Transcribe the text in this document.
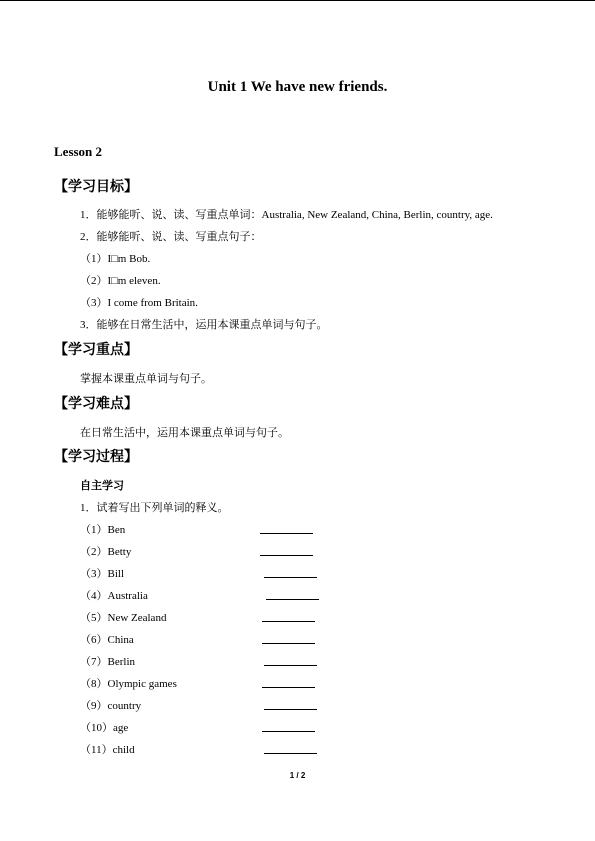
Unit 1 We have new friends.
Lesson 2
【学习目标】
1．能够能听、说、读、写重点单词：Australia, New Zealand, China, Berlin, country, age.
2．能够能听、说、读、写重点句子：
（1）I□m Bob.
（2）I□m eleven.
（3）I come from Britain.
3．能够在日常生活中，运用本课重点单词与句子。
【学习重点】
掌握本课重点单词与句子。
【学习难点】
在日常生活中，运用本课重点单词与句子。
【学习过程】
自主学习
1．试着写出下列单词的释义。
（1）Ben
（2）Betty
（3）Bill
（4）Australia
（5）New Zealand
（6）China
（7）Berlin
（8）Olympic games
（9）country
（10）age
（11）child
1 / 2
